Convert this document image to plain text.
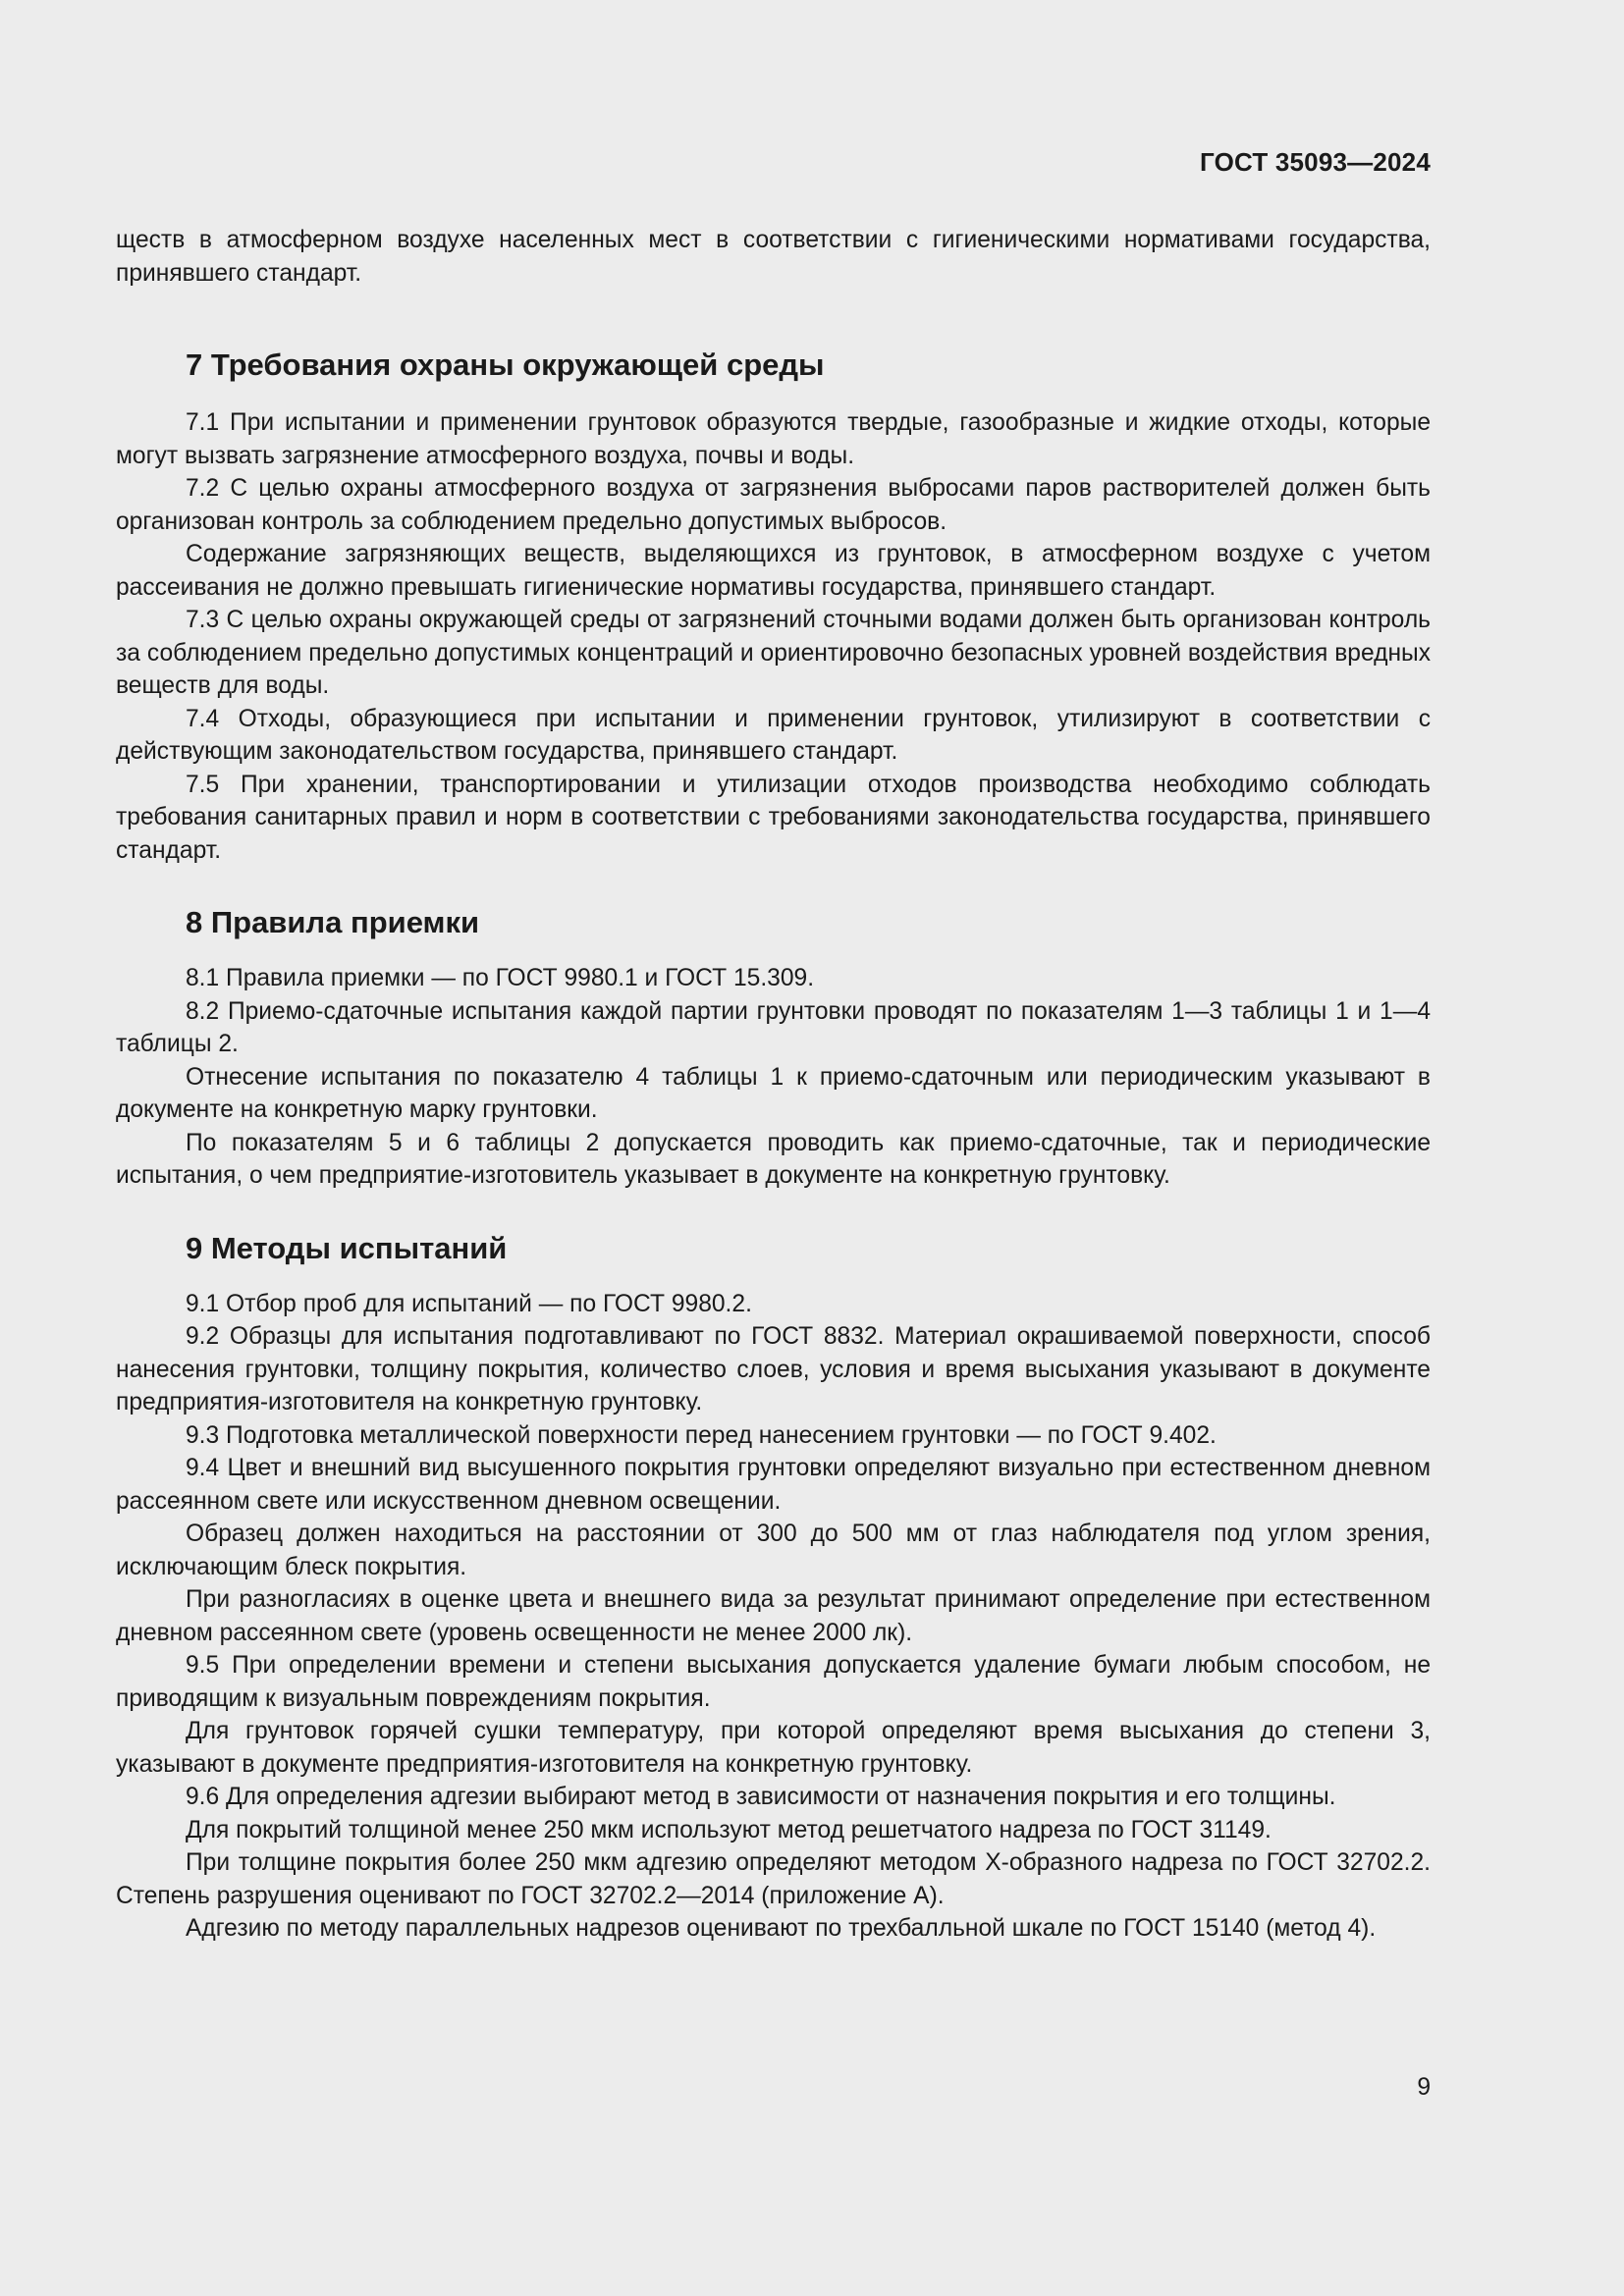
ГОСТ 35093—2024

ществ в атмосферном воздухе населенных мест в соответствии с гигиеническими нормативами государства, принявшего стандарт.

7 Требования охраны окружающей среды

7.1 При испытании и применении грунтовок образуются твердые, газообразные и жидкие отходы, которые могут вызвать загрязнение атмосферного воздуха, почвы и воды.

7.2 С целью охраны атмосферного воздуха от загрязнения выбросами паров растворителей должен быть организован контроль за соблюдением предельно допустимых выбросов.

Содержание загрязняющих веществ, выделяющихся из грунтовок, в атмосферном воздухе с учетом рассеивания не должно превышать гигиенические нормативы государства, принявшего стандарт.

7.3 С целью охраны окружающей среды от загрязнений сточными водами должен быть организован контроль за соблюдением предельно допустимых концентраций и ориентировочно безопасных уровней воздействия вредных веществ для воды.

7.4 Отходы, образующиеся при испытании и применении грунтовок, утилизируют в соответствии с действующим законодательством государства, принявшего стандарт.

7.5 При хранении, транспортировании и утилизации отходов производства необходимо соблюдать требования санитарных правил и норм в соответствии с требованиями законодательства государства, принявшего стандарт.

8 Правила приемки

8.1 Правила приемки — по ГОСТ 9980.1 и ГОСТ 15.309.

8.2 Приемо-сдаточные испытания каждой партии грунтовки проводят по показателям 1—3 таблицы 1 и 1—4 таблицы 2.

Отнесение испытания по показателю 4 таблицы 1 к приемо-сдаточным или периодическим указывают в документе на конкретную марку грунтовки.

По показателям 5 и 6 таблицы 2 допускается проводить как приемо-сдаточные, так и периодические испытания, о чем предприятие-изготовитель указывает в документе на конкретную грунтовку.

9 Методы испытаний

9.1 Отбор проб для испытаний — по ГОСТ 9980.2.

9.2 Образцы для испытания подготавливают по ГОСТ 8832. Материал окрашиваемой поверхности, способ нанесения грунтовки, толщину покрытия, количество слоев, условия и время высыхания указывают в документе предприятия-изготовителя на конкретную грунтовку.

9.3 Подготовка металлической поверхности перед нанесением грунтовки — по ГОСТ 9.402.

9.4 Цвет и внешний вид высушенного покрытия грунтовки определяют визуально при естественном дневном рассеянном свете или искусственном дневном освещении.

Образец должен находиться на расстоянии от 300 до 500 мм от глаз наблюдателя под углом зрения, исключающим блеск покрытия.

При разногласиях в оценке цвета и внешнего вида за результат принимают определение при естественном дневном рассеянном свете (уровень освещенности не менее 2000 лк).

9.5 При определении времени и степени высыхания допускается удаление бумаги любым способом, не приводящим к визуальным повреждениям покрытия.

Для грунтовок горячей сушки температуру, при которой определяют время высыхания до степени 3, указывают в документе предприятия-изготовителя на конкретную грунтовку.

9.6 Для определения адгезии выбирают метод в зависимости от назначения покрытия и его толщины.

Для покрытий толщиной менее 250 мкм используют метод решетчатого надреза по ГОСТ 31149.

При толщине покрытия более 250 мкм адгезию определяют методом Х-образного надреза по ГОСТ 32702.2. Степень разрушения оценивают по ГОСТ 32702.2—2014 (приложение А).

Адгезию по методу параллельных надрезов оценивают по трехбалльной шкале по ГОСТ 15140 (метод 4).

9
